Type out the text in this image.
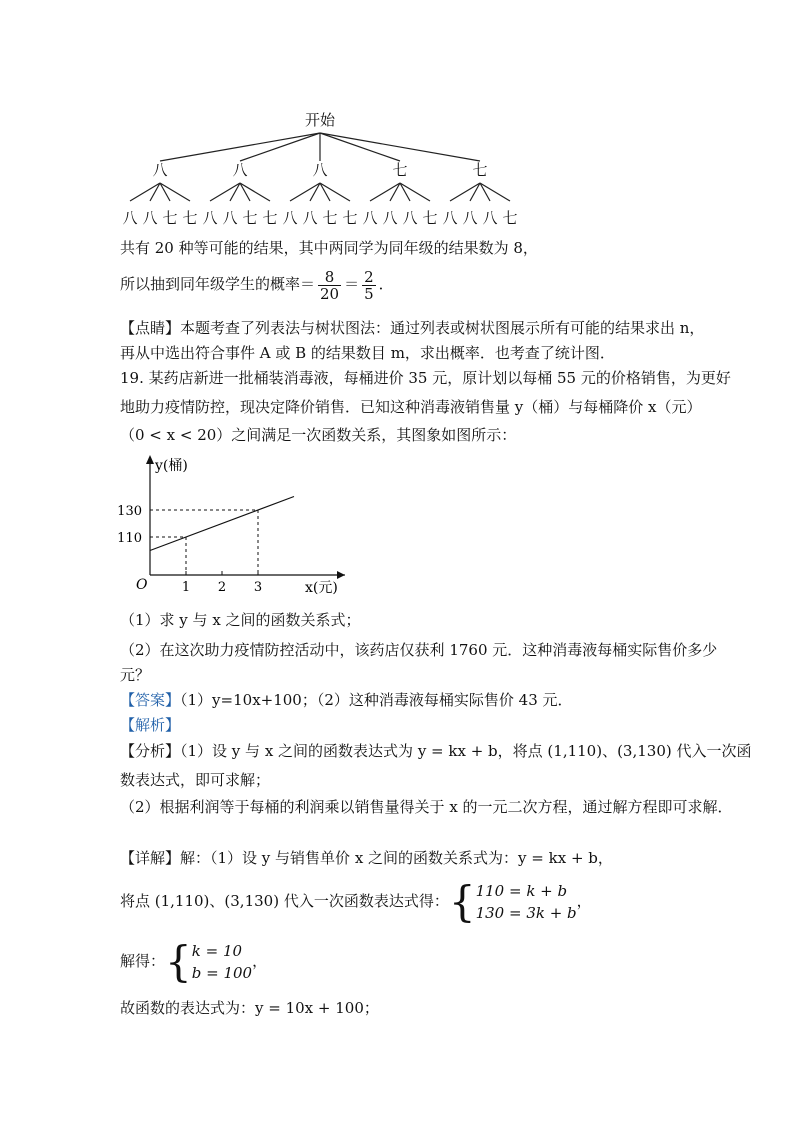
开始
八
八 八 七 七
八
八 八 七 七
八
八 八 七 七
七
八 八 八 七
七
八 八 八 七
共有 20 种等可能的结果，其中两同学为同年级的结果数为 8，
所以抽到同年级学生的概率＝ $\frac{8}{20} = \frac{2}{5}$ ．
【点睛】本题考查了列表法与树状图法：通过列表或树状图展示所有可能的结果求出 n，
再从中选出符合事件 A 或 B 的结果数目 m，求出概率．也考查了统计图．
19. 某药店新进一批桶装消毒液，每桶进价 35 元，原计划以每桶 55 元的价格销售，为更好
地助力疫情防控，现决定降价销售．已知这种消毒液销售量 y（桶）与每桶降价 x（元）
（0 < x < 20）之间满足一次函数关系，其图象如图所示：
y(桶)
x(元)
O	1 2 3
110
130
（1）求 y 与 x 之间的函数关系式；
（2）在这次助力疫情防控活动中，该药店仅获利 1760 元．这种消毒液每桶实际售价多少
元？
【答案】（1）y=10x+100；（2）这种消毒液每桶实际售价 43 元．
【解析】
【分析】（1）设 y 与 x 之间的函数表达式为 y = kx + b，将点 (1,110)、(3,130) 代入一次函
数表达式，即可求解；
（2）根据利润等于每桶的利润乘以销售量得关于 x 的一元二次方程，通过解方程即可求解．
【详解】解：（1）设 y 与销售单价 x 之间的函数关系式为：y = kx + b，
将点 (1,110)、(3,130) 代入一次函数表达式得：{ 110 = k + b
130 = 3k + b
，
解得：{ k = 10
b = 100
，
故函数的表达式为：y = 10x + 100；
